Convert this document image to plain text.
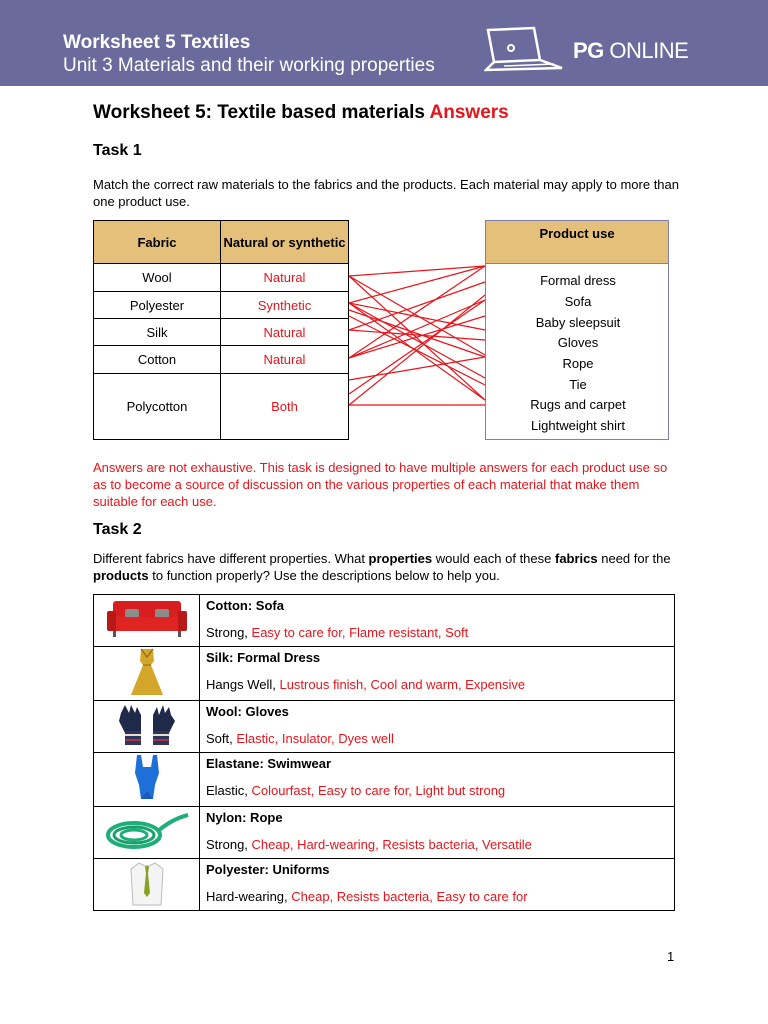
Worksheet 5 Textiles
Unit 3 Materials and their working properties
PG ONLINE
Worksheet 5: Textile based materials Answers
Task 1
Match the correct raw materials to the fabrics and the products. Each material may apply to more than one product use.
Fabric	Natural or synthetic
Wool	Natural
Polyester	Synthetic
Silk	Natural
Cotton	Natural
Polycotton	Both
Product use
Formal dress
Sofa
Baby sleepsuit
Gloves
Rope
Tie
Rugs and carpet
Lightweight shirt
Answers are not exhaustive. This task is designed to have multiple answers for each product use so as to become a source of discussion on the various properties of each material that make them suitable for each use.
Task 2
Different fabrics have different properties. What properties would each of these fabrics need for the products to function properly? Use the descriptions below to help you.

Cotton: Sofa
Strong, Easy to care for, Flame resistant, Soft

Silk: Formal Dress
Hangs Well, Lustrous finish, Cool and warm, Expensive

Wool: Gloves
Soft, Elastic, Insulator, Dyes well

Elastane: Swimwear
Elastic, Colourfast, Easy to care for, Light but strong

Nylon: Rope
Strong, Cheap, Hard-wearing, Resists bacteria, Versatile

Polyester: Uniforms
Hard-wearing, Cheap, Resists bacteria, Easy to care for
1
